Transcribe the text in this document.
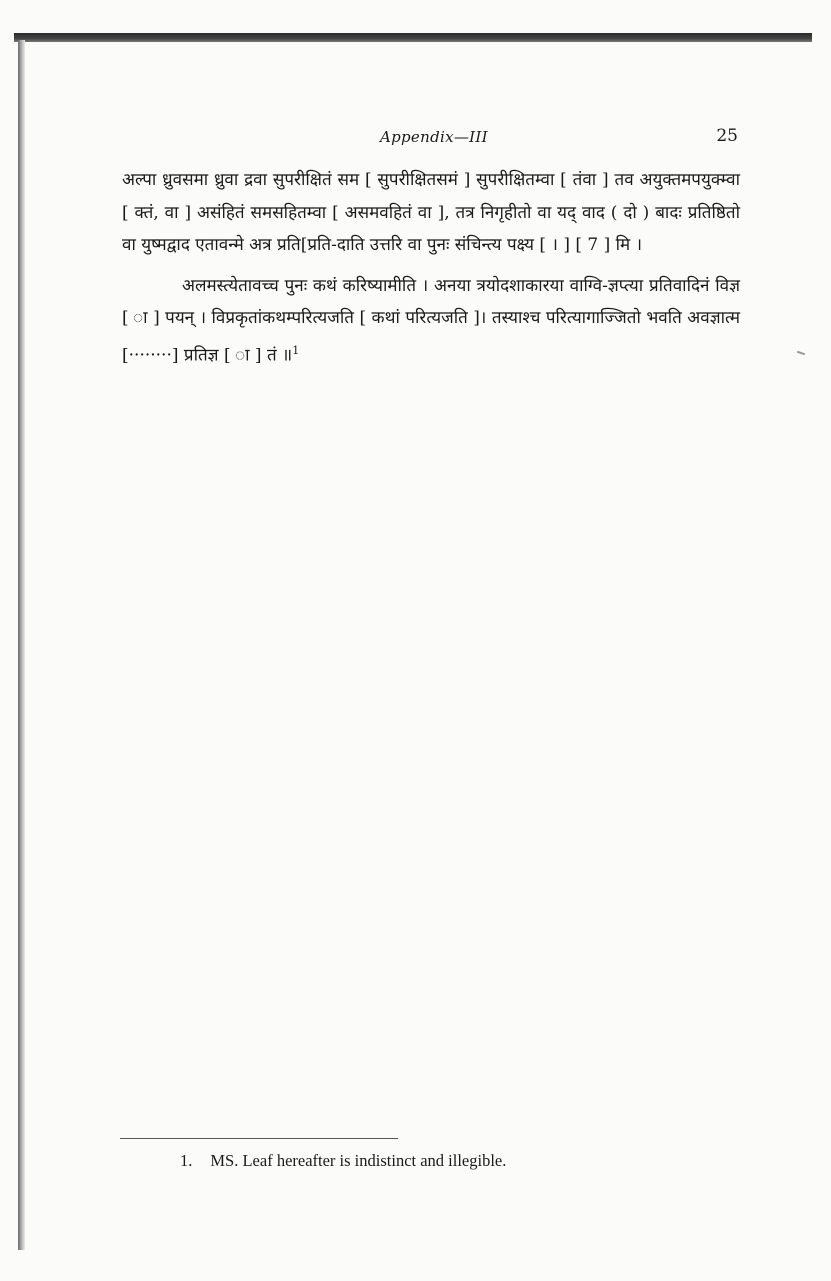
Appendix—III	25

अल्पा ध्रुवसमा ध्रुवा द्रवा सुपरीक्षितं सम [ सुपरीक्षितसमं ] सुपरीक्षितम्वा [ तंवा ] तव अयुक्तमपयुक्म्वा [ क्तं, वा ] असंहितं समसहितम्वा [ असमवहितं वा ], तत्र निगृहीतो वा यद् वाद ( दो ) बादः प्रतिष्ठितो वा युष्मद्वाद एतावन्मे अत्र प्रति[प्रति-दाति उत्तरि वा पुनः संचिन्त्य पक्ष्य [ । ] [ 7 ] मि ।

अलमस्त्येतावच्च पुनः कथं करिष्यामीति । अनया त्रयोदशाकारया वाग्वि-ज्ञप्त्या प्रतिवादिनं विज्ञ [ ा ] पयन् । विप्रकृतांकथम्परित्यजति [ कथां परित्यजति ]। तस्याश्च परित्यागाज्जितो भवति अवज्ञात्म [········] प्रतिज्ञ [ ा ] तं ॥$^1$

1. MS. Leaf hereafter is indistinct and illegible.
